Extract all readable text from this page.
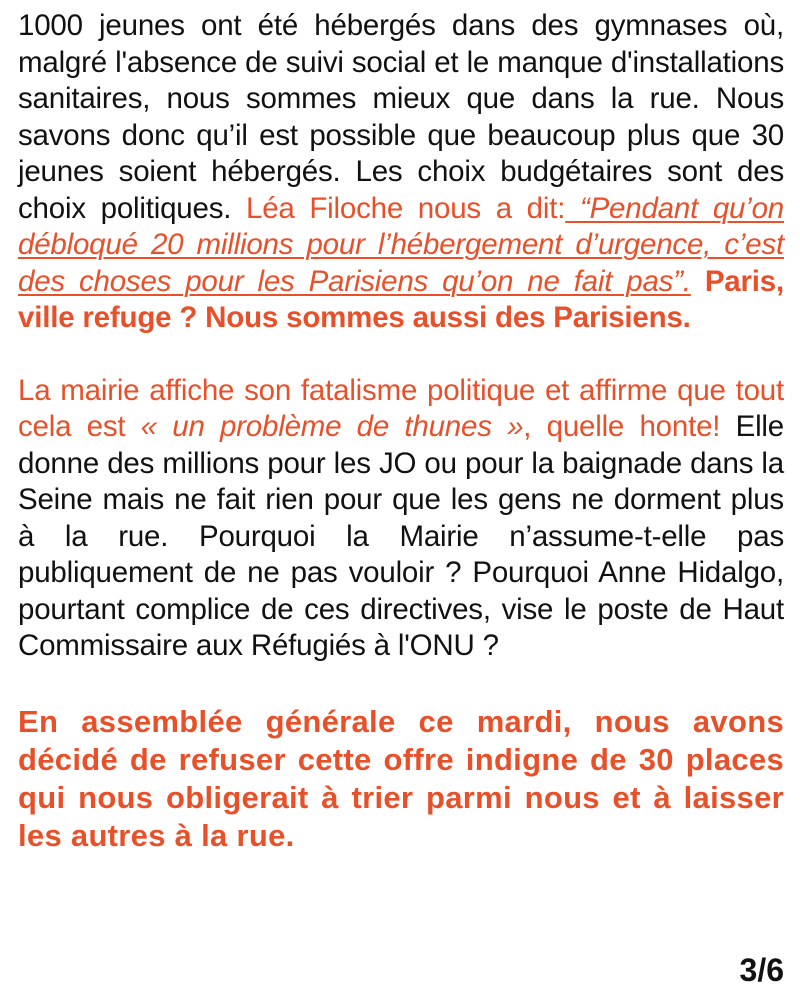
1000 jeunes ont été hébergés dans des gymnases où, malgré l'absence de suivi social et le manque d'installations sanitaires, nous sommes mieux que dans la rue. Nous savons donc qu’il est possible que beaucoup plus que 30 jeunes soient hébergés. Les choix budgétaires sont des choix politiques. Léa Filoche nous a dit: “Pendant qu’on débloqué 20 millions pour l’hébergement d’urgence, c’est des choses pour les Parisiens qu’on ne fait pas”. Paris, ville refuge ? Nous sommes aussi des Parisiens.

La mairie affiche son fatalisme politique et affirme que tout cela est « un problème de thunes », quelle honte! Elle donne des millions pour les JO ou pour la baignade dans la Seine mais ne fait rien pour que les gens ne dorment plus à la rue. Pourquoi la Mairie n’assume-t-elle pas publiquement de ne pas vouloir ? Pourquoi Anne Hidalgo, pourtant complice de ces directives, vise le poste de Haut Commissaire aux Réfugiés à l'ONU ?

En assemblée générale ce mardi, nous avons décidé de refuser cette offre indigne de 30 places qui nous obligerait à trier parmi nous et à laisser les autres à la rue.

3/6
